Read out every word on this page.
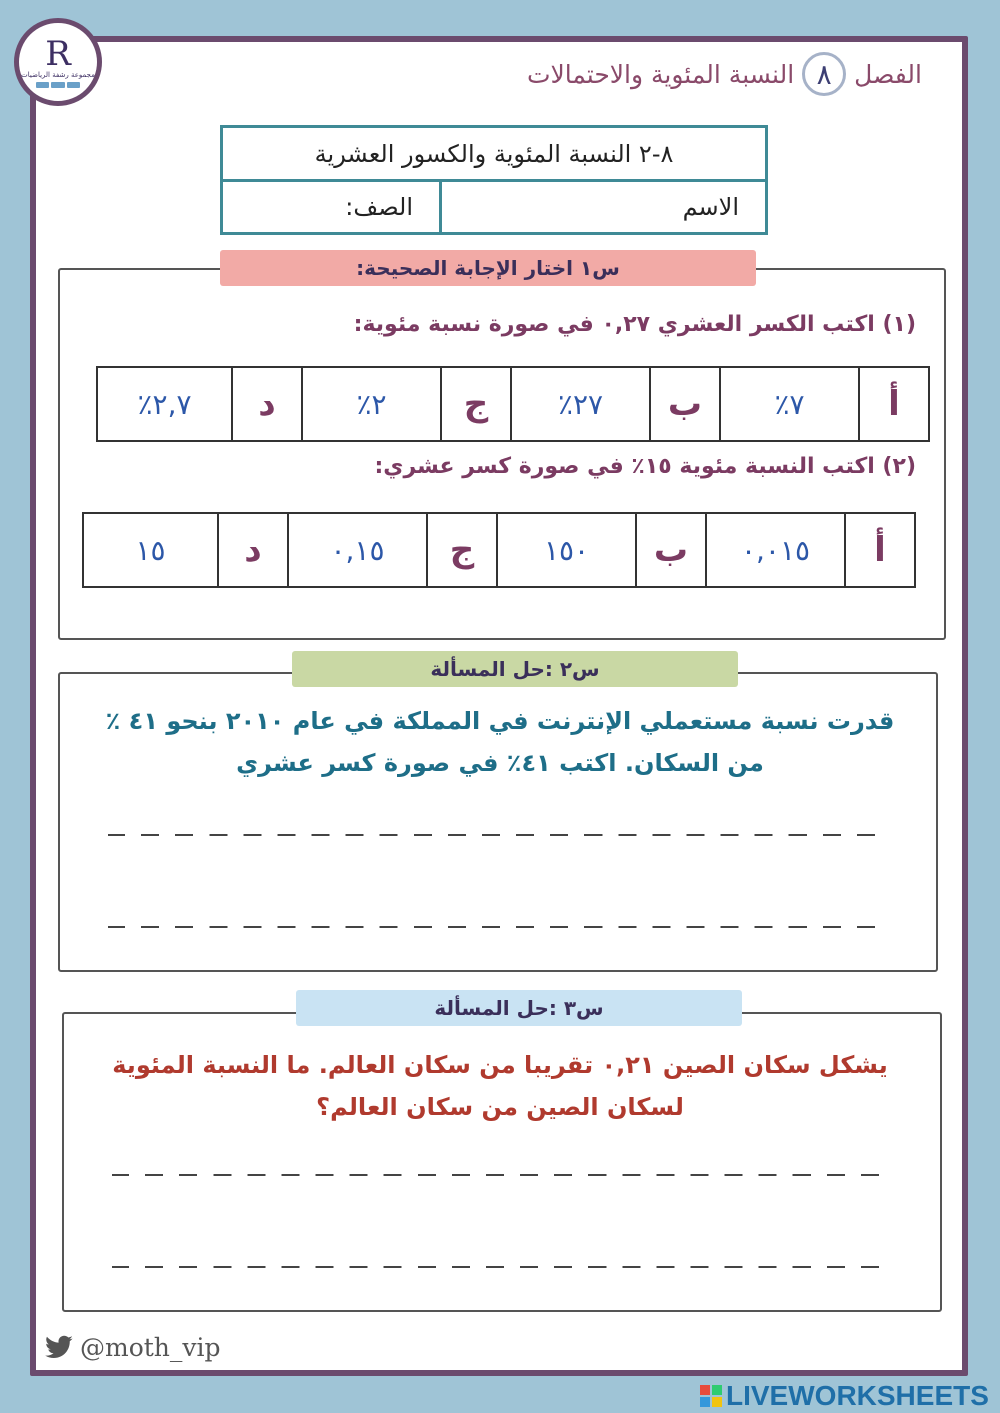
R
مجموعة رشفة الرياضيات	الفصل
٨
النسبة المئوية والاحتمالات
٨-٢ النسبة المئوية والكسور العشرية
الاسم
الصف:
س١ اختار الإجابة الصحيحة:
(١) اكتب الكسر العشري ٠,٢٧ في صورة نسبة مئوية:
أ
٧٪
ب
٢٧٪
ج
٢٪
د
٢,٧٪
(٢) اكتب النسبة مئوية ١٥٪ في صورة كسر عشري:
أ
٠,٠١٥
ب
١٥٠
ج
٠,١٥
د
١٥
س٢ :حل المسألة
قدرت نسبة مستعملي الإنترنت في المملكة في عام ٢٠١٠ بنحو ٤١ ٪
من السكان. اكتب ٤١٪ في صورة كسر عشري
س٣ :حل المسألة
يشكل سكان الصين ٠,٢١ تقريبا من سكان العالم. ما النسبة المئوية
لسكان الصين من سكان العالم؟
@moth_vip
LIVEWORKSHEETS
